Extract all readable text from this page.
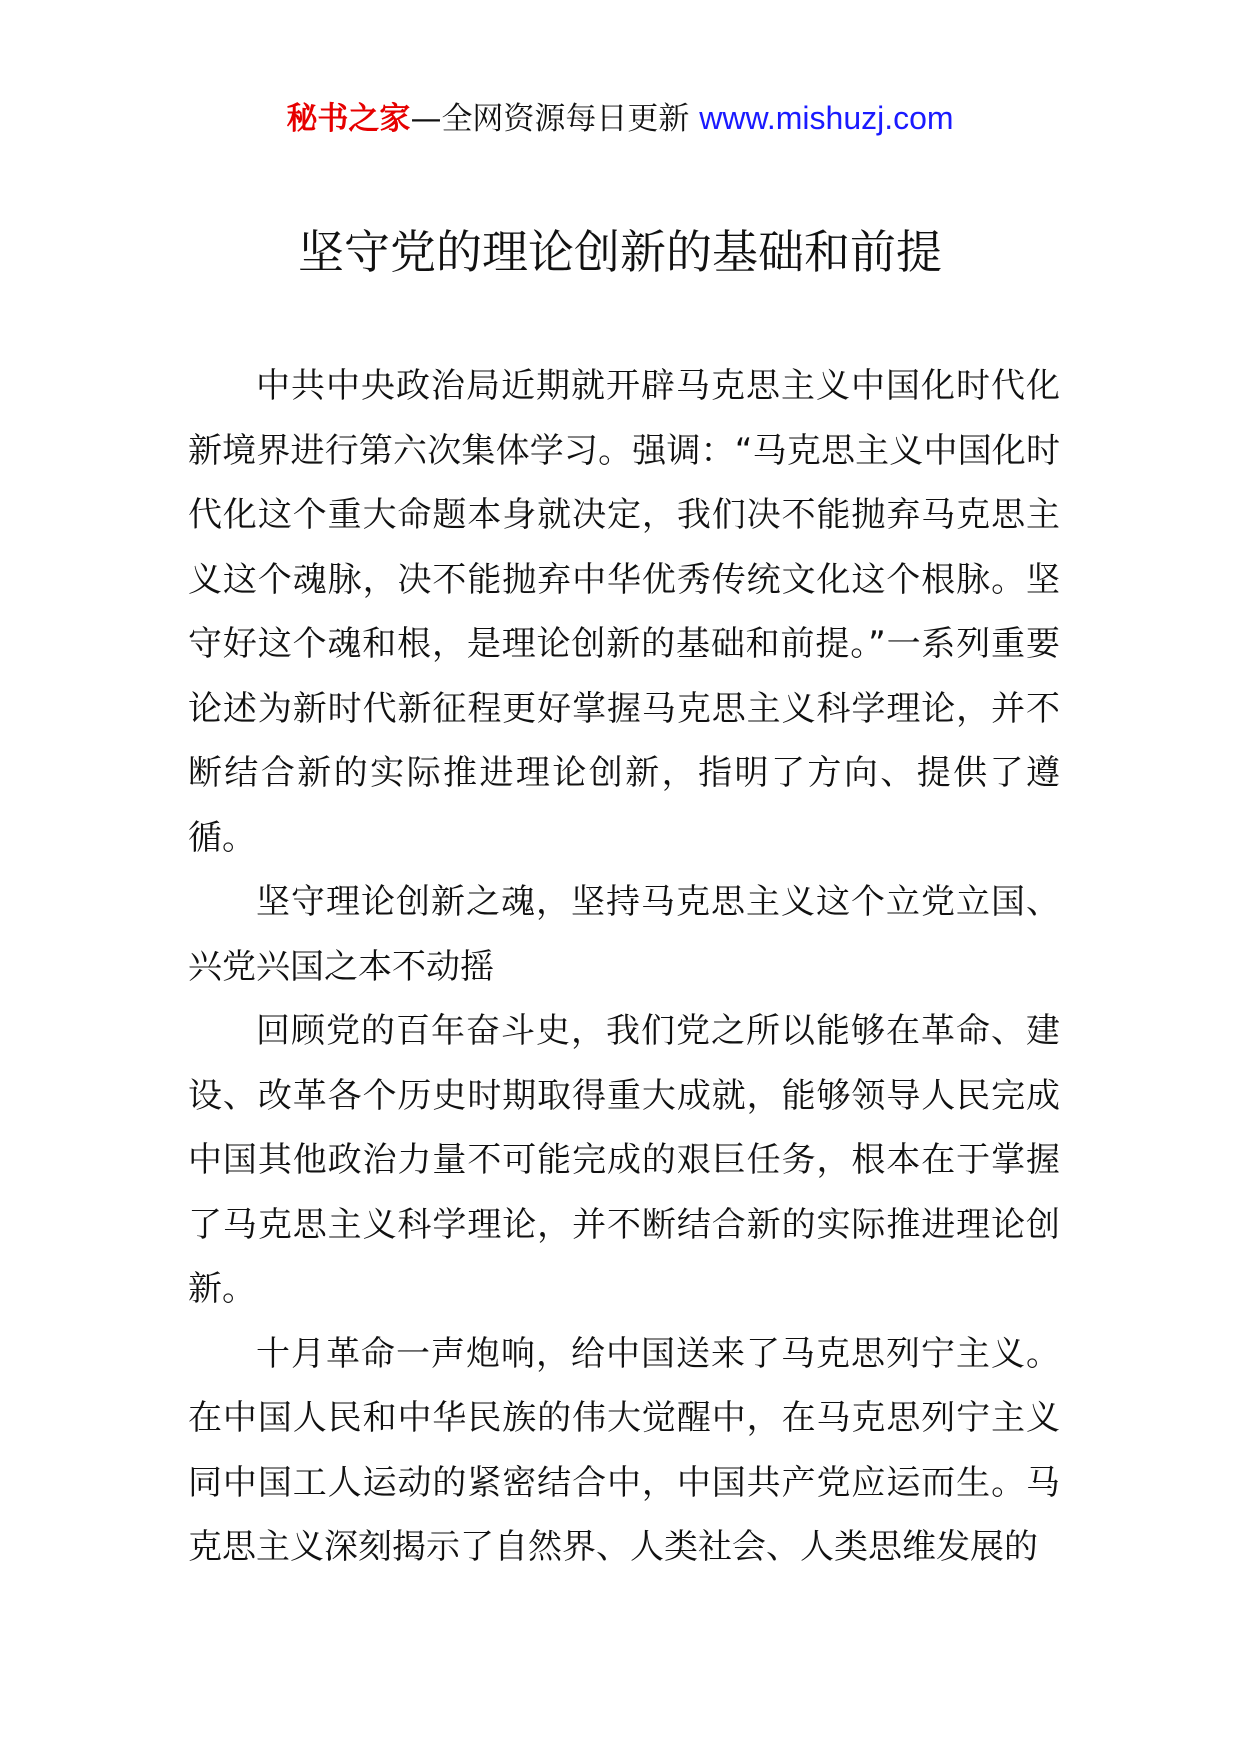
秘书之家—全网资源每日更新 www.mishuzj.com
坚守党的理论创新的基础和前提

中共中央政治局近期就开辟马克思主义中国化时代化新境界进行第六次集体学习。强调：“马克思主义中国化时代化这个重大命题本身就决定，我们决不能抛弃马克思主义这个魂脉，决不能抛弃中华优秀传统文化这个根脉。坚守好这个魂和根，是理论创新的基础和前提。”一系列重要论述为新时代新征程更好掌握马克思主义科学理论，并不断结合新的实际推进理论创新，指明了方向、提供了遵循。

坚守理论创新之魂，坚持马克思主义这个立党立国、兴党兴国之本不动摇

回顾党的百年奋斗史，我们党之所以能够在革命、建设、改革各个历史时期取得重大成就，能够领导人民完成中国其他政治力量不可能完成的艰巨任务，根本在于掌握了马克思主义科学理论，并不断结合新的实际推进理论创新。

十月革命一声炮响，给中国送来了马克思列宁主义。在中国人民和中华民族的伟大觉醒中，在马克思列宁主义同中国工人运动的紧密结合中，中国共产党应运而生。马克思主义深刻揭示了自然界、人类社会、人类思维发展的
